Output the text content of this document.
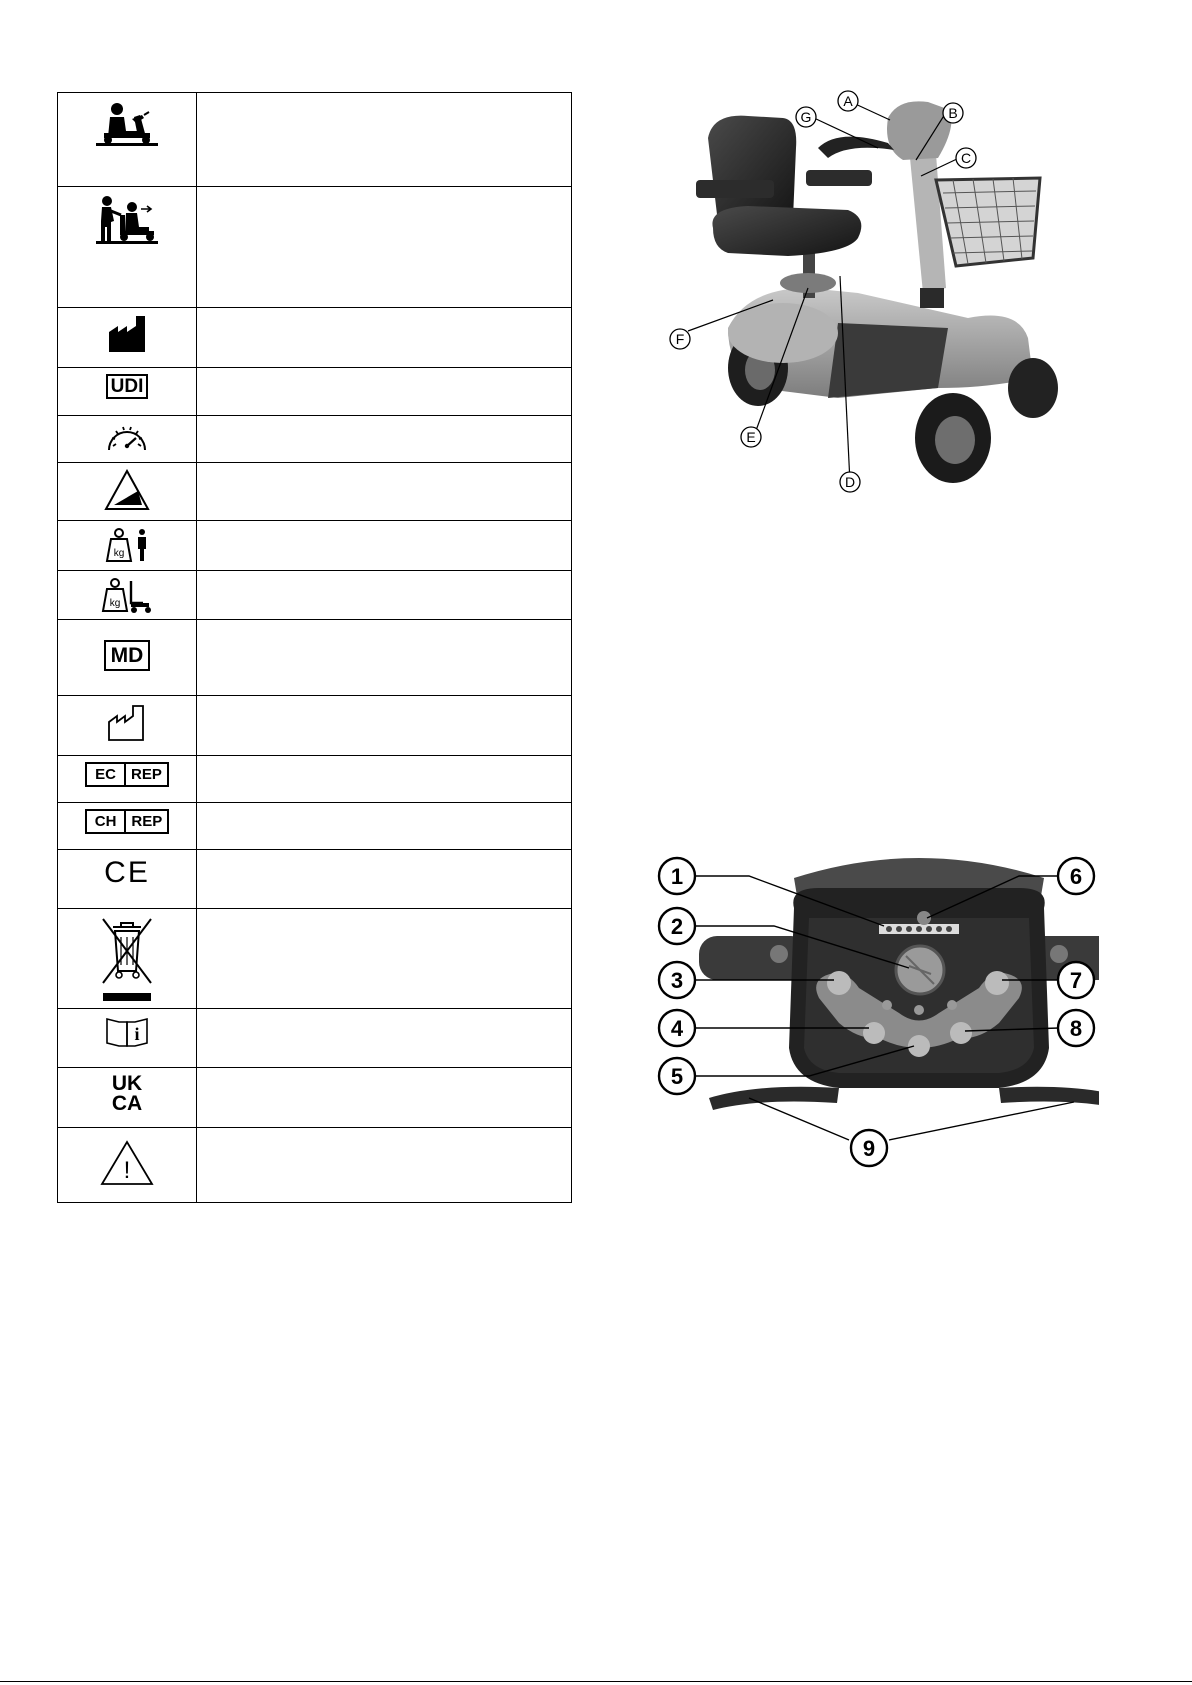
UDI	

kg	

kg	

MD	

EC REP	

CH REP	

CE	

i	

UK
CA	

!	

A
G	B
C
F
E
D
1
2
3
4
5
6
7
8
9
